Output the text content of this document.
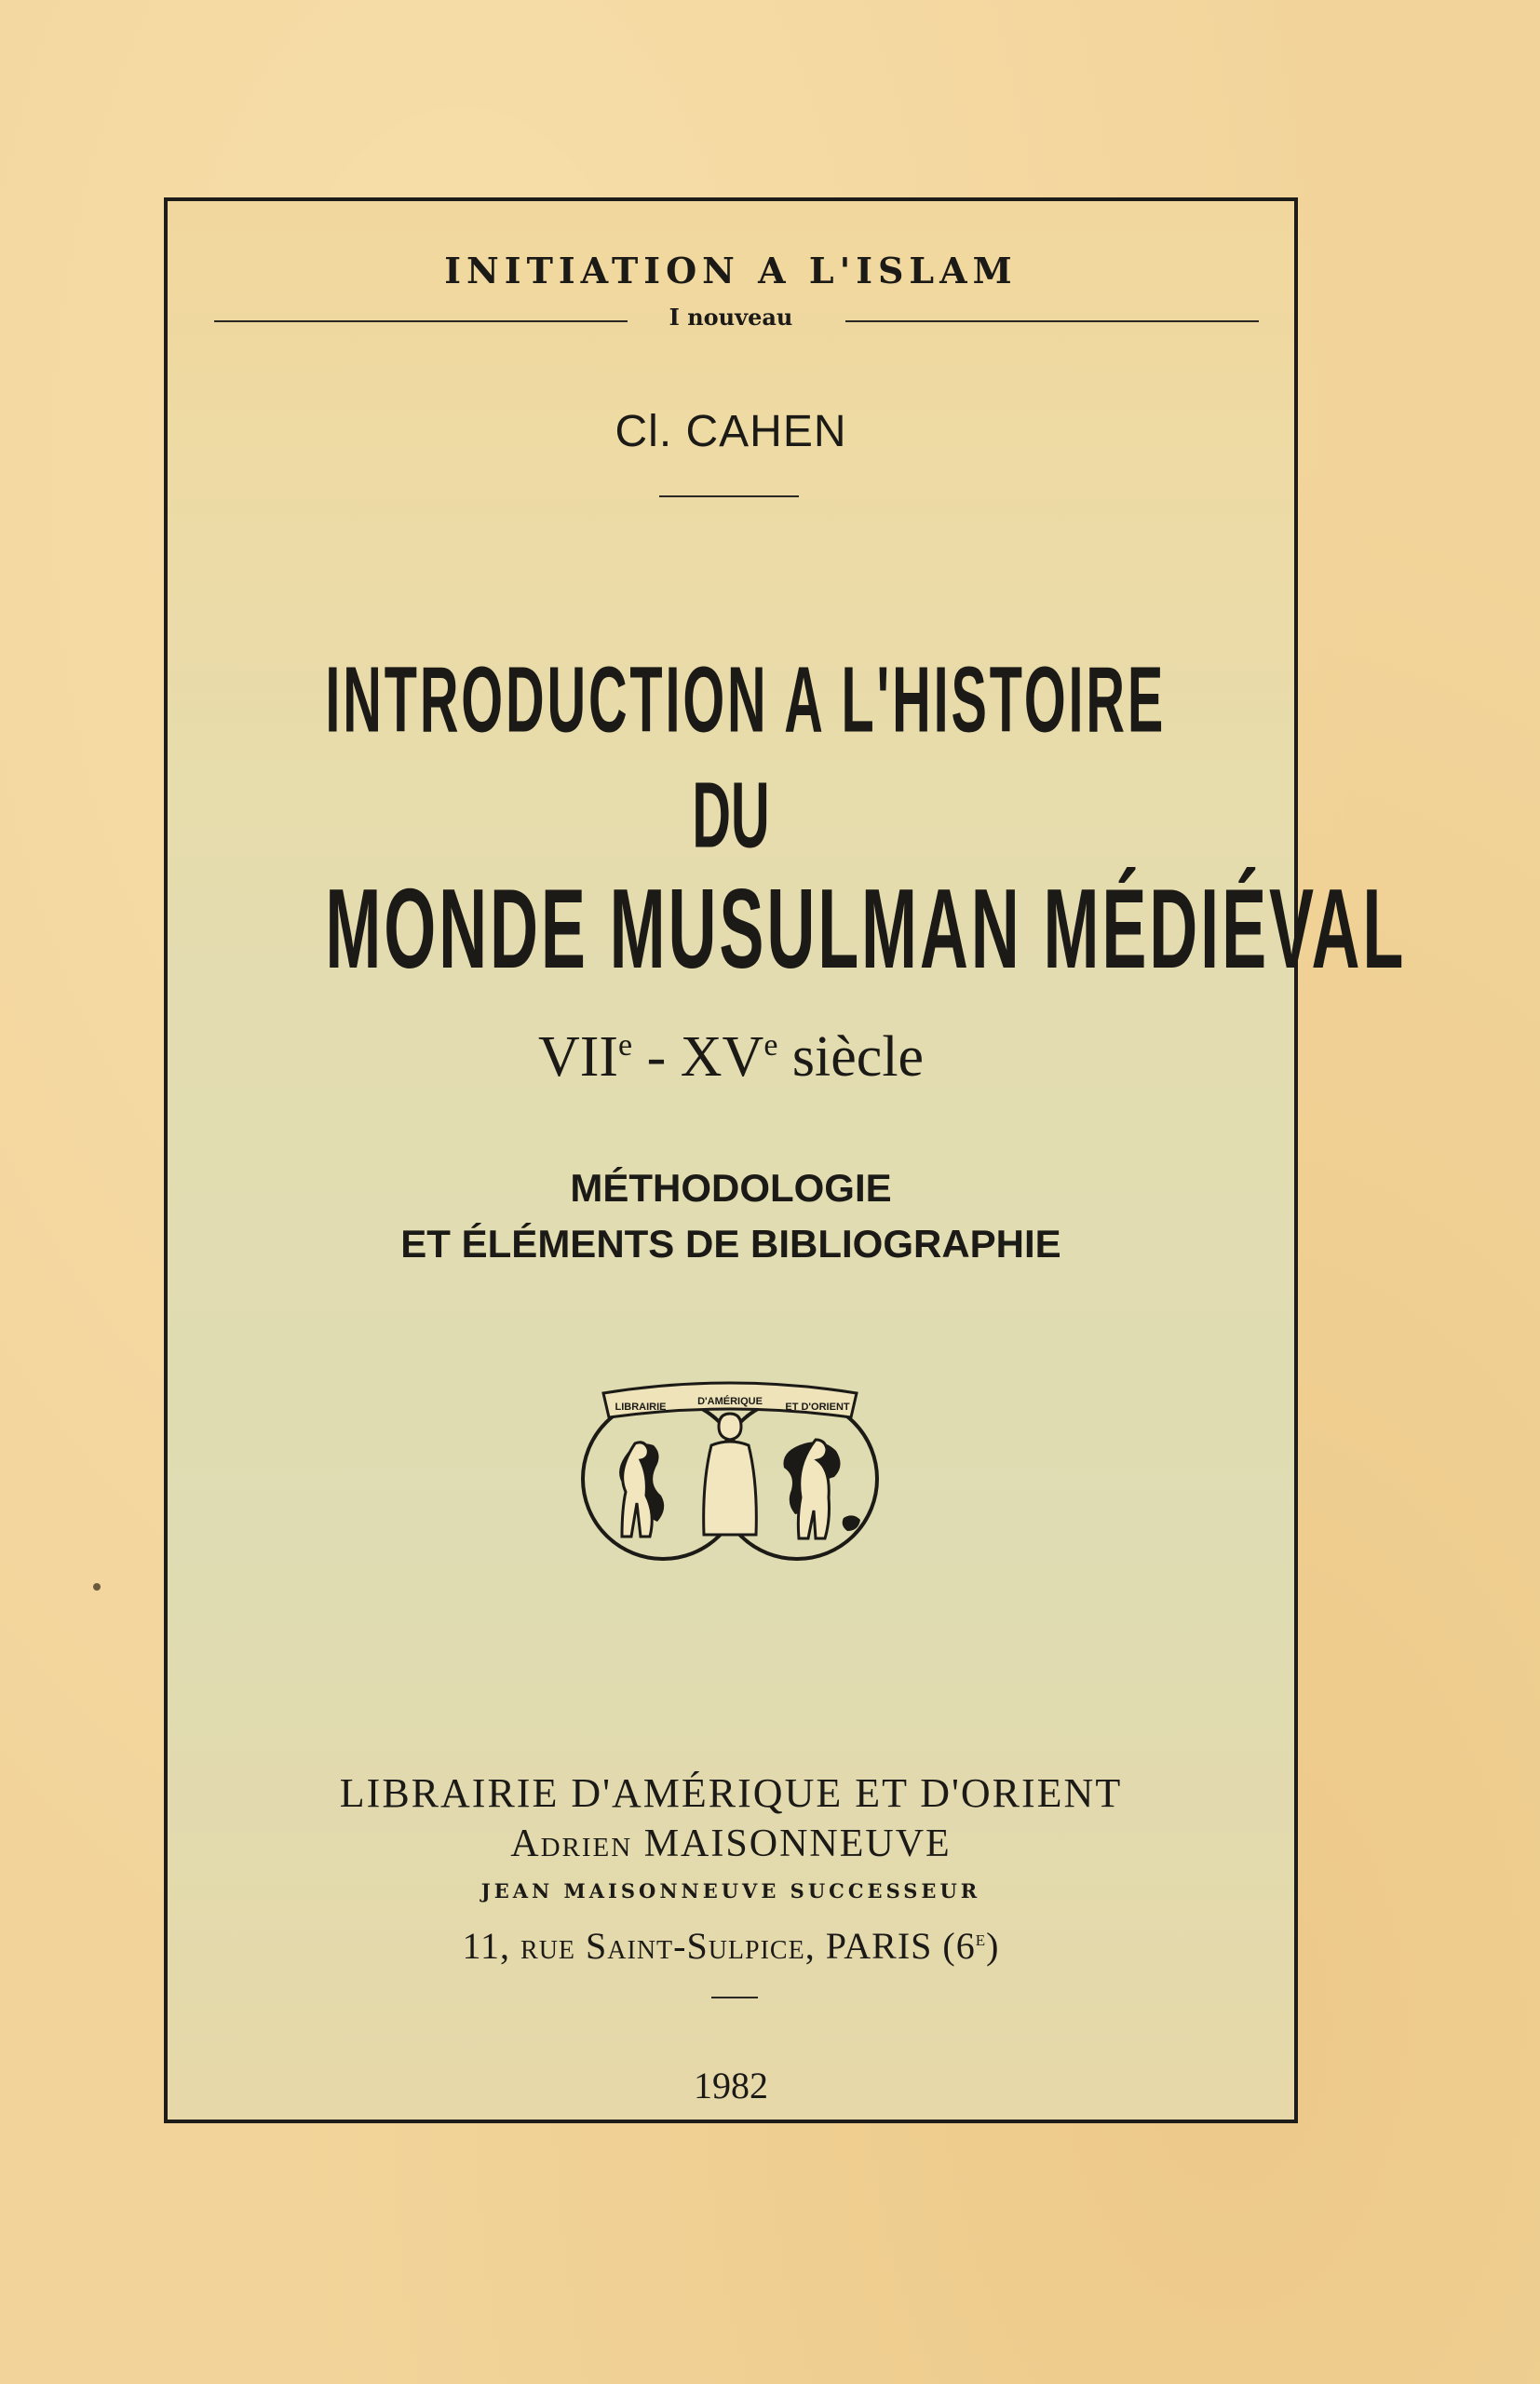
INITIATION A L'ISLAM
I nouveau
Cl. CAHEN
INTRODUCTION A L'HISTOIRE
DU
MONDE MUSULMAN MÉDIÉVAL
VIIe - XVe siècle
MÉTHODOLOGIE
ET ÉLÉMENTS DE BIBLIOGRAPHIE
LIBRAIRIE	D'AMÉRIQUE ET D'ORIENT
LIBRAIRIE D'AMÉRIQUE ET D'ORIENT
Adrien MAISONNEUVE
JEAN MAISONNEUVE SUCCESSEUR
11, rue Saint-Sulpice, PARIS (6e)
1982
